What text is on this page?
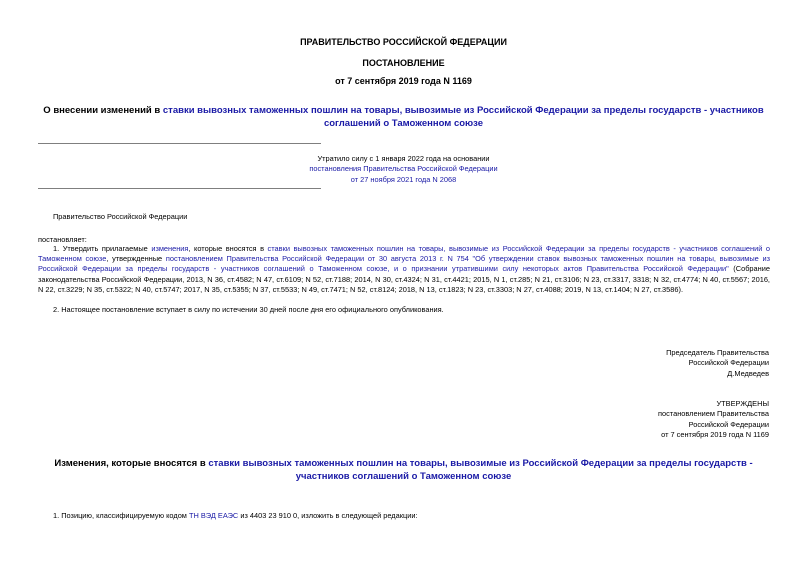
ПРАВИТЕЛЬСТВО РОССИЙСКОЙ ФЕДЕРАЦИИ
ПОСТАНОВЛЕНИЕ
от 7 сентября 2019 года N 1169
О внесении изменений в ставки вывозных таможенных пошлин на товары, вывозимые из Российской Федерации за пределы государств - участников соглашений о Таможенном союзе
Утратило силу с 1 января 2022 года на основании
постановления Правительства Российской Федерации
от 27 ноября 2021 года N 2068
Правительство Российской Федерации
постановляет:
1. Утвердить прилагаемые изменения, которые вносятся в ставки вывозных таможенных пошлин на товары, вывозимые из Российской Федерации за пределы государств - участников соглашений о Таможенном союзе, утвержденные постановлением Правительства Российской Федерации от 30 августа 2013 г. N 754 "Об утверждении ставок вывозных таможенных пошлин на товары, вывозимые из Российской Федерации за пределы государств - участников соглашений о Таможенном союзе, и о признании утратившими силу некоторых актов Правительства Российской Федерации" (Собрание законодательства Российской Федерации, 2013, N 36, ст.4582; N 47, ст.6109; N 52, ст.7188; 2014, N 30, ст.4324; N 31, ст.4421; 2015, N 1, ст.285; N 21, ст.3106; N 23, ст.3317, 3318; N 32, ст.4774; N 40, ст.5567; 2016, N 22, ст.3229; N 35, ст.5322; N 40, ст.5747; 2017, N 35, ст.5355; N 37, ст.5533; N 49, ст.7471; N 52, ст.8124; 2018, N 13, ст.1823; N 23, ст.3303; N 27, ст.4088; 2019, N 13, ст.1404; N 27, ст.3586).
2. Настоящее постановление вступает в силу по истечении 30 дней после дня его официального опубликования.
Председатель Правительства
Российской Федерации
Д.Медведев
УТВЕРЖДЕНЫ
постановлением Правительства
Российской Федерации
от 7 сентября 2019 года N 1169
Изменения, которые вносятся в ставки вывозных таможенных пошлин на товары, вывозимые из Российской Федерации за пределы государств - участников соглашений о Таможенном союзе
1. Позицию, классифицируемую кодом ТН ВЭД ЕАЭС из 4403 23 910 0, изложить в следующей редакции:
